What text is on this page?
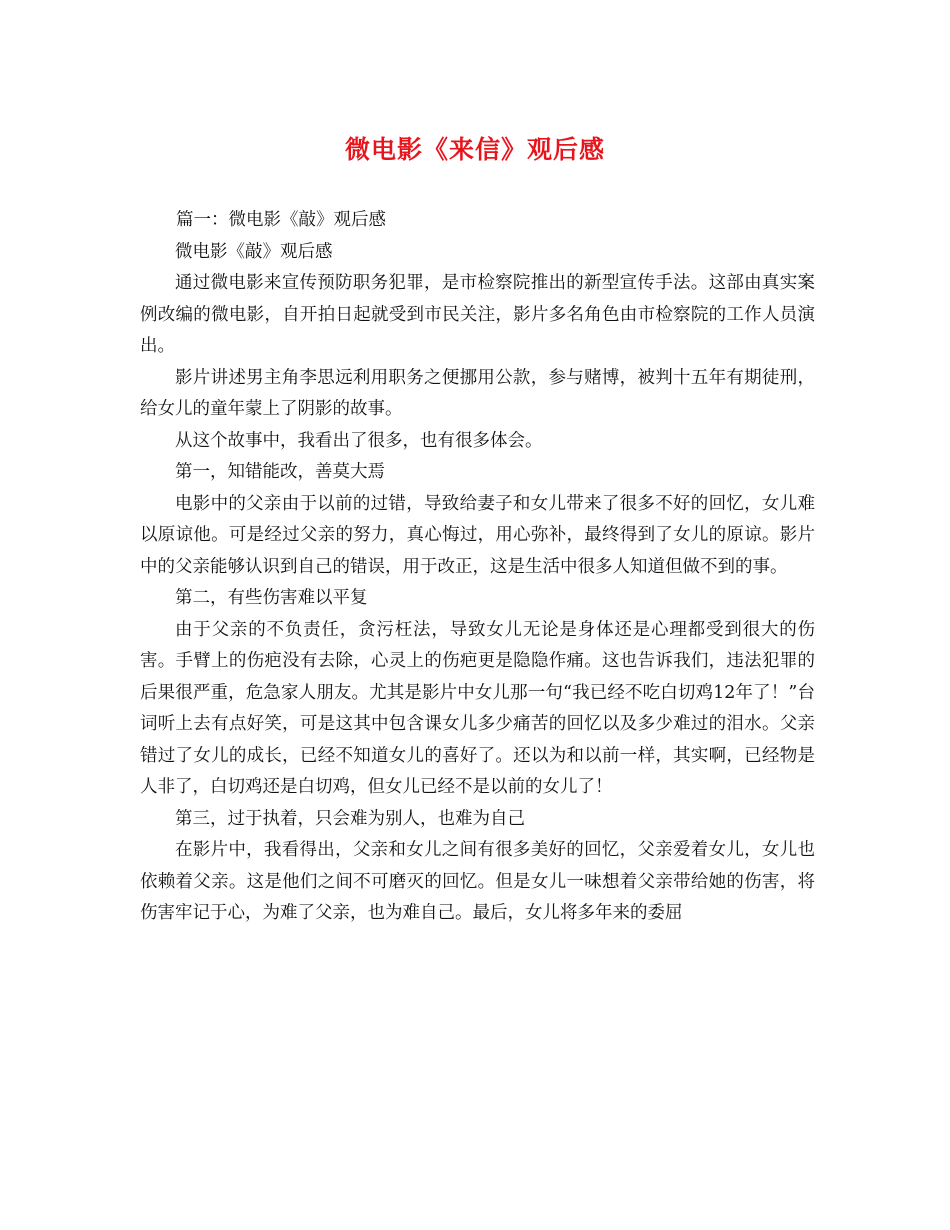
微电影《来信》观后感

篇一：微电影《敲》观后感

微电影《敲》观后感

通过微电影来宣传预防职务犯罪，是市检察院推出的新型宣传手法。这部由真实案例改编的微电影，自开拍日起就受到市民关注，影片多名角色由市检察院的工作人员演出。

影片讲述男主角李思远利用职务之便挪用公款，参与赌博，被判十五年有期徒刑，给女儿的童年蒙上了阴影的故事。

从这个故事中，我看出了很多，也有很多体会。

第一，知错能改，善莫大焉

电影中的父亲由于以前的过错，导致给妻子和女儿带来了很多不好的回忆，女儿难以原谅他。可是经过父亲的努力，真心悔过，用心弥补，最终得到了女儿的原谅。影片中的父亲能够认识到自己的错误，用于改正，这是生活中很多人知道但做不到的事。

第二，有些伤害难以平复

由于父亲的不负责任，贪污枉法，导致女儿无论是身体还是心理都受到很大的伤害。手臂上的伤疤没有去除，心灵上的伤疤更是隐隐作痛。这也告诉我们，违法犯罪的后果很严重，危急家人朋友。尤其是影片中女儿那一句“我已经不吃白切鸡12年了！”台词听上去有点好笑，可是这其中包含课女儿多少痛苦的回忆以及多少难过的泪水。父亲错过了女儿的成长，已经不知道女儿的喜好了。还以为和以前一样，其实啊，已经物是人非了，白切鸡还是白切鸡，但女儿已经不是以前的女儿了！

第三，过于执着，只会难为别人，也难为自己

在影片中，我看得出，父亲和女儿之间有很多美好的回忆，父亲爱着女儿，女儿也依赖着父亲。这是他们之间不可磨灭的回忆。但是女儿一味想着父亲带给她的伤害，将伤害牢记于心，为难了父亲，也为难自己。最后，女儿将多年来的委屈
